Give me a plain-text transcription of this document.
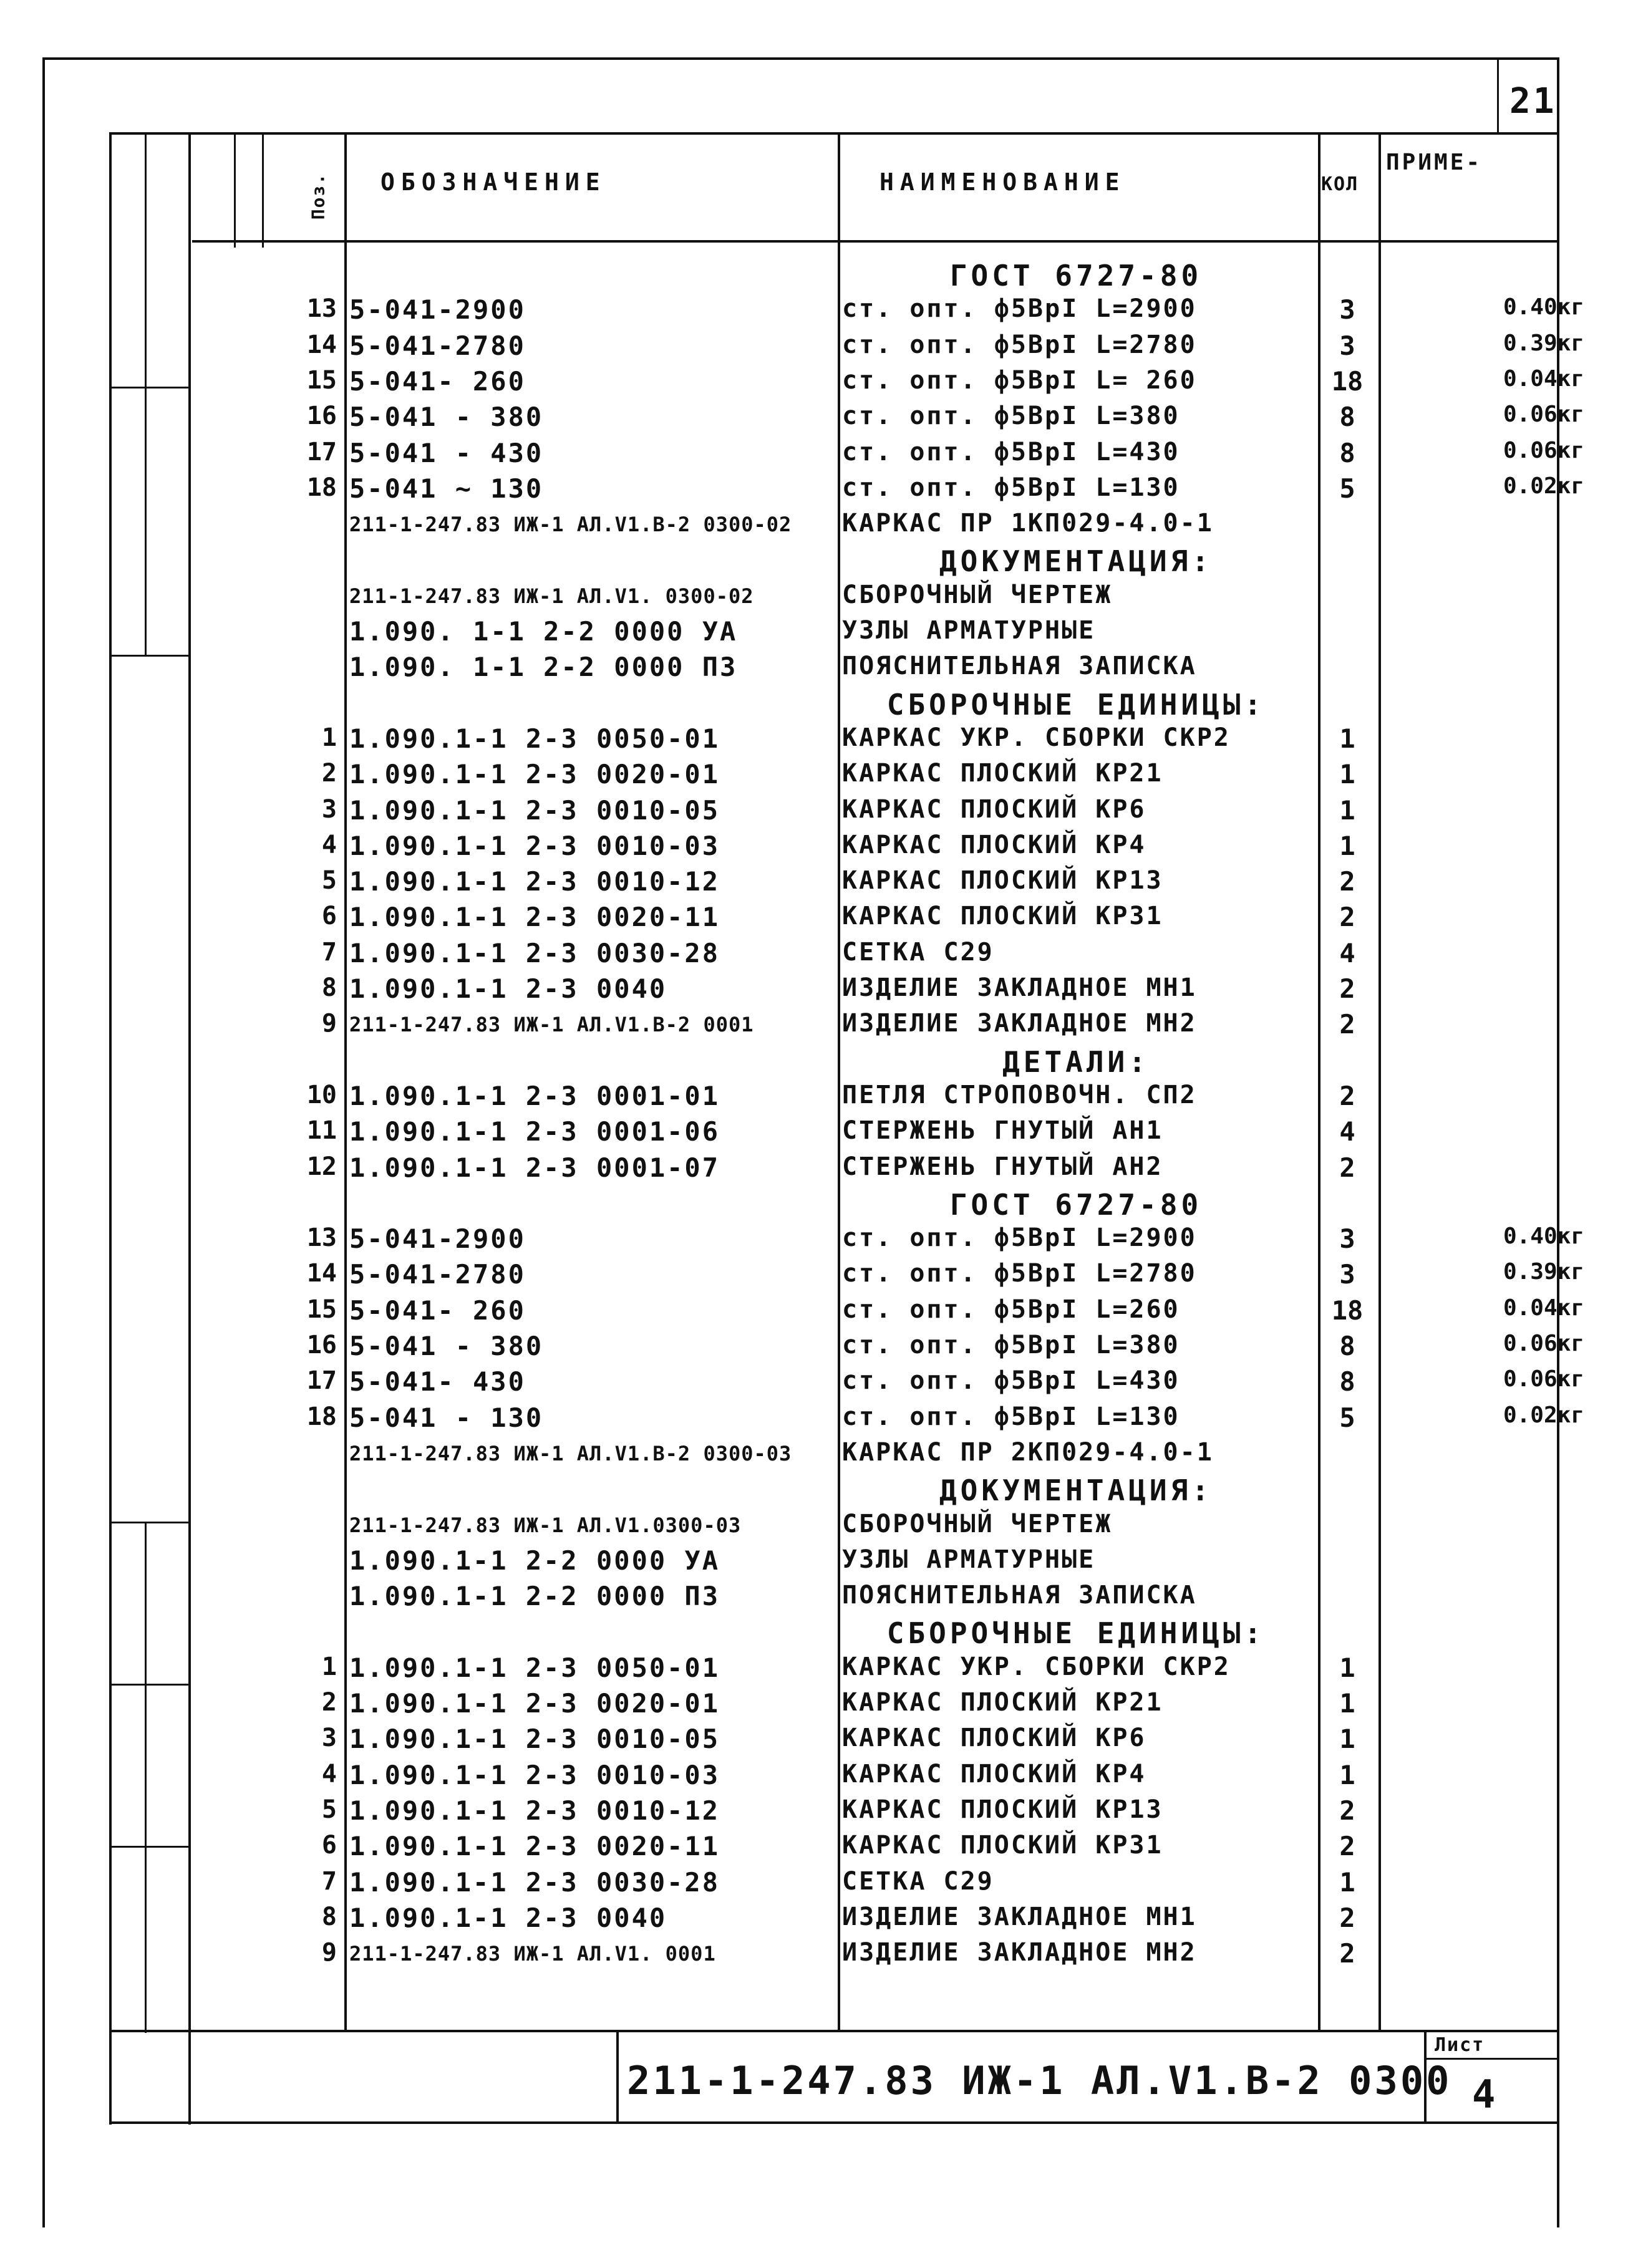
21
Поз. ОБОЗНАЧЕНИЕ	НАИМЕНОВАНИЕ	КОЛ
ПРИМЕ-
ГОСТ 6727-80
13 5-041-2900	ст. опт. ф5ВрI L=2900	3	0.40кг
14 5-041-2780	ст. опт. ф5ВрI L=2780	3	0.39кг
15 5-041- 260	ст. опт. ф5ВрI L= 260	18	0.04кг
16 5-041 - 380	ст. опт. ф5ВрI L=380	8	0.06кг
17 5-041 - 430	ст. опт. ф5ВрI L=430	8	0.06кг
18 5-041 ~ 130	ст. опт. ф5ВрI L=130	5	0.02кг
211-1-247.83 ИЖ-1 АЛ.V1.В-2 0300-02 КАРКАС ПР 1КП029-4.0-1
ДОКУМЕНТАЦИЯ:
211-1-247.83 ИЖ-1 АЛ.V1. 0300-02	СБОРОЧНЫЙ ЧЕРТЕЖ
1.090. 1-1 2-2 0000 УА	УЗЛЫ АРМАТУРНЫЕ
1.090. 1-1 2-2 0000 ПЗ	ПОЯСНИТЕЛЬНАЯ ЗАПИСКА
СБОРОЧНЫЕ ЕДИНИЦЫ:
1 1.090.1-1 2-3 0050-01	КАРКАС УКР. СБОРКИ СКР2	1
2 1.090.1-1 2-3 0020-01	КАРКАС ПЛОСКИЙ КР21	1
3 1.090.1-1 2-3 0010-05	КАРКАС ПЛОСКИЙ КР6	1
4 1.090.1-1 2-3 0010-03	КАРКАС ПЛОСКИЙ КР4	1
5 1.090.1-1 2-3 0010-12	КАРКАС ПЛОСКИЙ КР13	2
6 1.090.1-1 2-3 0020-11	КАРКАС ПЛОСКИЙ КР31	2
7 1.090.1-1 2-3 0030-28	СЕТКА С29	4
8 1.090.1-1 2-3 0040	ИЗДЕЛИЕ ЗАКЛАДНОЕ МН1	2
9 211-1-247.83 ИЖ-1 АЛ.V1.В-2 0001	ИЗДЕЛИЕ ЗАКЛАДНОЕ МН2	2
ДЕТАЛИ:
10 1.090.1-1 2-3 0001-01	ПЕТЛЯ СТРОПОВОЧН. СП2	2
11 1.090.1-1 2-3 0001-06	СТЕРЖЕНЬ ГНУТЫЙ АН1	4
12 1.090.1-1 2-3 0001-07	СТЕРЖЕНЬ ГНУТЫЙ АН2	2
ГОСТ 6727-80
13 5-041-2900	ст. опт. ф5ВрI L=2900	3	0.40кг
14 5-041-2780	ст. опт. ф5ВрI L=2780	3	0.39кг
15 5-041- 260	ст. опт. ф5ВрI L=260	18	0.04кг
16 5-041 - 380	ст. опт. ф5ВрI L=380	8	0.06кг
17 5-041- 430	ст. опт. ф5ВрI L=430	8	0.06кг
18 5-041 - 130	ст. опт. ф5ВрI L=130	5	0.02кг
211-1-247.83 ИЖ-1 АЛ.V1.В-2 0300-03 КАРКАС ПР 2КП029-4.0-1
ДОКУМЕНТАЦИЯ:
211-1-247.83 ИЖ-1 АЛ.V1.0300-03	СБОРОЧНЫЙ ЧЕРТЕЖ
1.090.1-1 2-2 0000 УА	УЗЛЫ АРМАТУРНЫЕ
1.090.1-1 2-2 0000 ПЗ	ПОЯСНИТЕЛЬНАЯ ЗАПИСКА
СБОРОЧНЫЕ ЕДИНИЦЫ:
1 1.090.1-1 2-3 0050-01	КАРКАС УКР. СБОРКИ СКР2	1
2 1.090.1-1 2-3 0020-01	КАРКАС ПЛОСКИЙ КР21	1
3 1.090.1-1 2-3 0010-05	КАРКАС ПЛОСКИЙ КР6	1
4 1.090.1-1 2-3 0010-03	КАРКАС ПЛОСКИЙ КР4	1
5 1.090.1-1 2-3 0010-12	КАРКАС ПЛОСКИЙ КР13	2
6 1.090.1-1 2-3 0020-11	КАРКАС ПЛОСКИЙ КР31	2
7 1.090.1-1 2-3 0030-28	СЕТКА С29	1
8 1.090.1-1 2-3 0040	ИЗДЕЛИЕ ЗАКЛАДНОЕ МН1	2
9 211-1-247.83 ИЖ-1 АЛ.V1. 0001	ИЗДЕЛИЕ ЗАКЛАДНОЕ МН2	2
211-1-247.83 ИЖ-1 АЛ.V1.В-2 0300
Лист
4
